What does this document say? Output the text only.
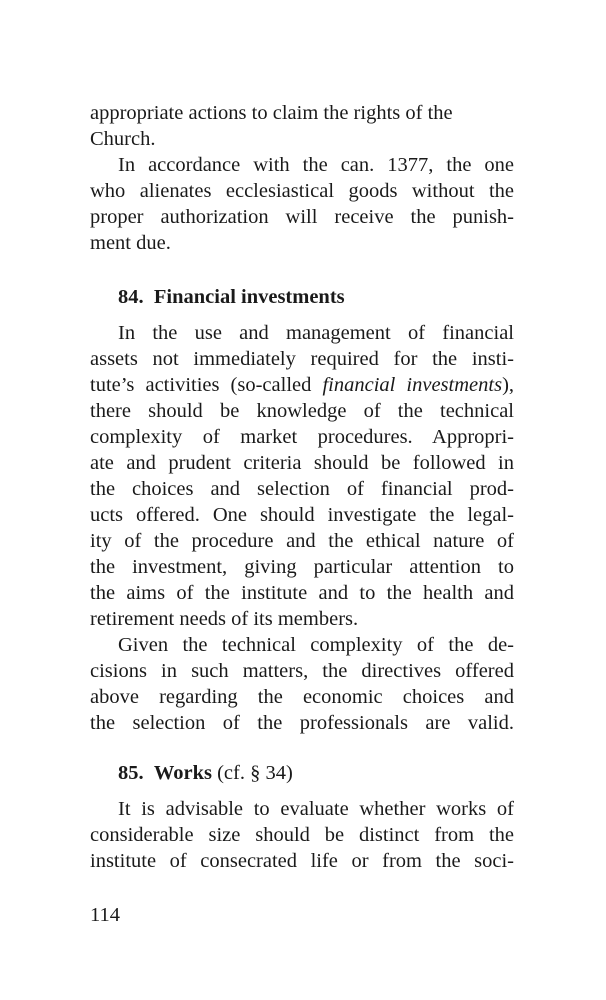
appropriate actions to claim the rights of the
Church.
In accordance with the can. 1377, the one
who alienates ecclesiastical goods without the
proper authorization will receive the punish-
ment due.
84. Financial investments
In the use and management of financial
assets not immediately required for the insti-
tute’s activities (so-called financial investments),
there should be knowledge of the technical
complexity of market procedures. Appropri-
ate and prudent criteria should be followed in
the choices and selection of financial prod-
ucts offered. One should investigate the legal-
ity of the procedure and the ethical nature of
the investment, giving particular attention to
the aims of the institute and to the health and
retirement needs of its members.
Given the technical complexity of the de-
cisions in such matters, the directives offered
above regarding the economic choices and
the selection of the professionals are valid.
85. Works (cf. § 34)
It is advisable to evaluate whether works of
considerable size should be distinct from the
institute of consecrated life or from the soci-
114
